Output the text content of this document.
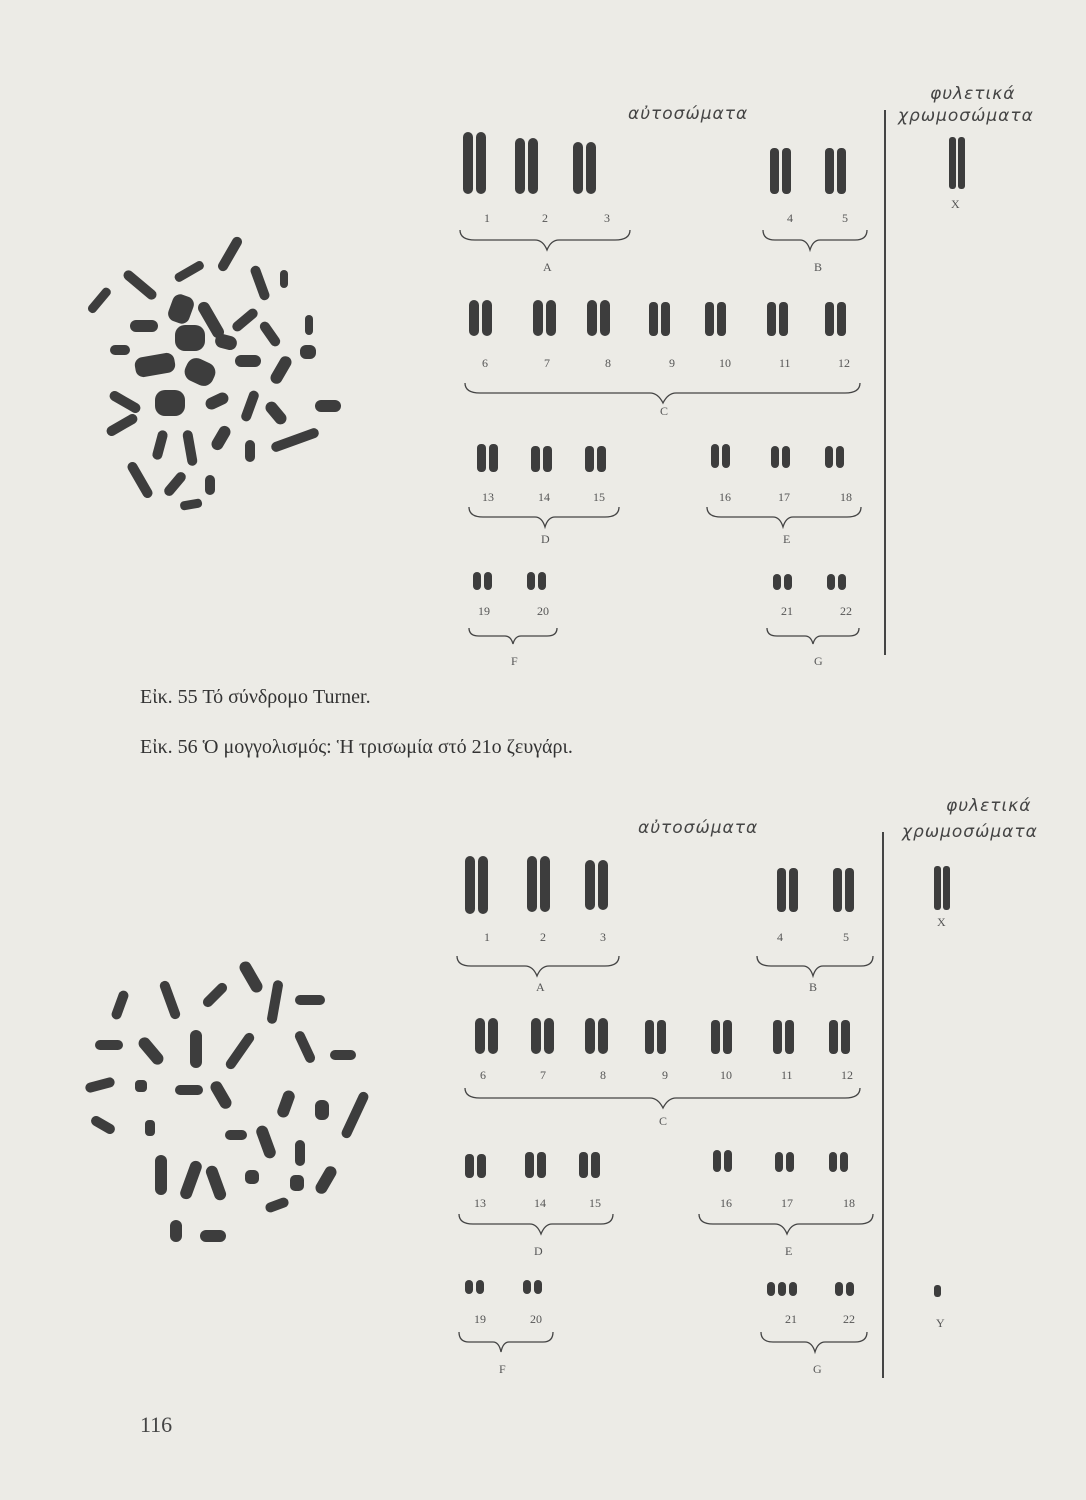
αὐτοσώματα
φυλετικά
χρωμοσώματα
X
1	2	3	4	5
6	7	8	9	10	11	12
13	14	15	16	17	18
19	20	21	22
A	B
C
D	E
F	G
Εἰκ. 55 Τό σύνδρομο Turner.
Εἰκ. 56 Ὁ μογγολισμός: Ἡ τρισωμία στό 21ο ζευγάρι.
αὐτοσώματα
φυλετικά
χρωμοσώματα
X
Y
1	2	3	4	5
6	7	8	9	10	11	12
13	14	15	16	17	18
19	20	21	22
A	B
C
D	E
F	G
116
